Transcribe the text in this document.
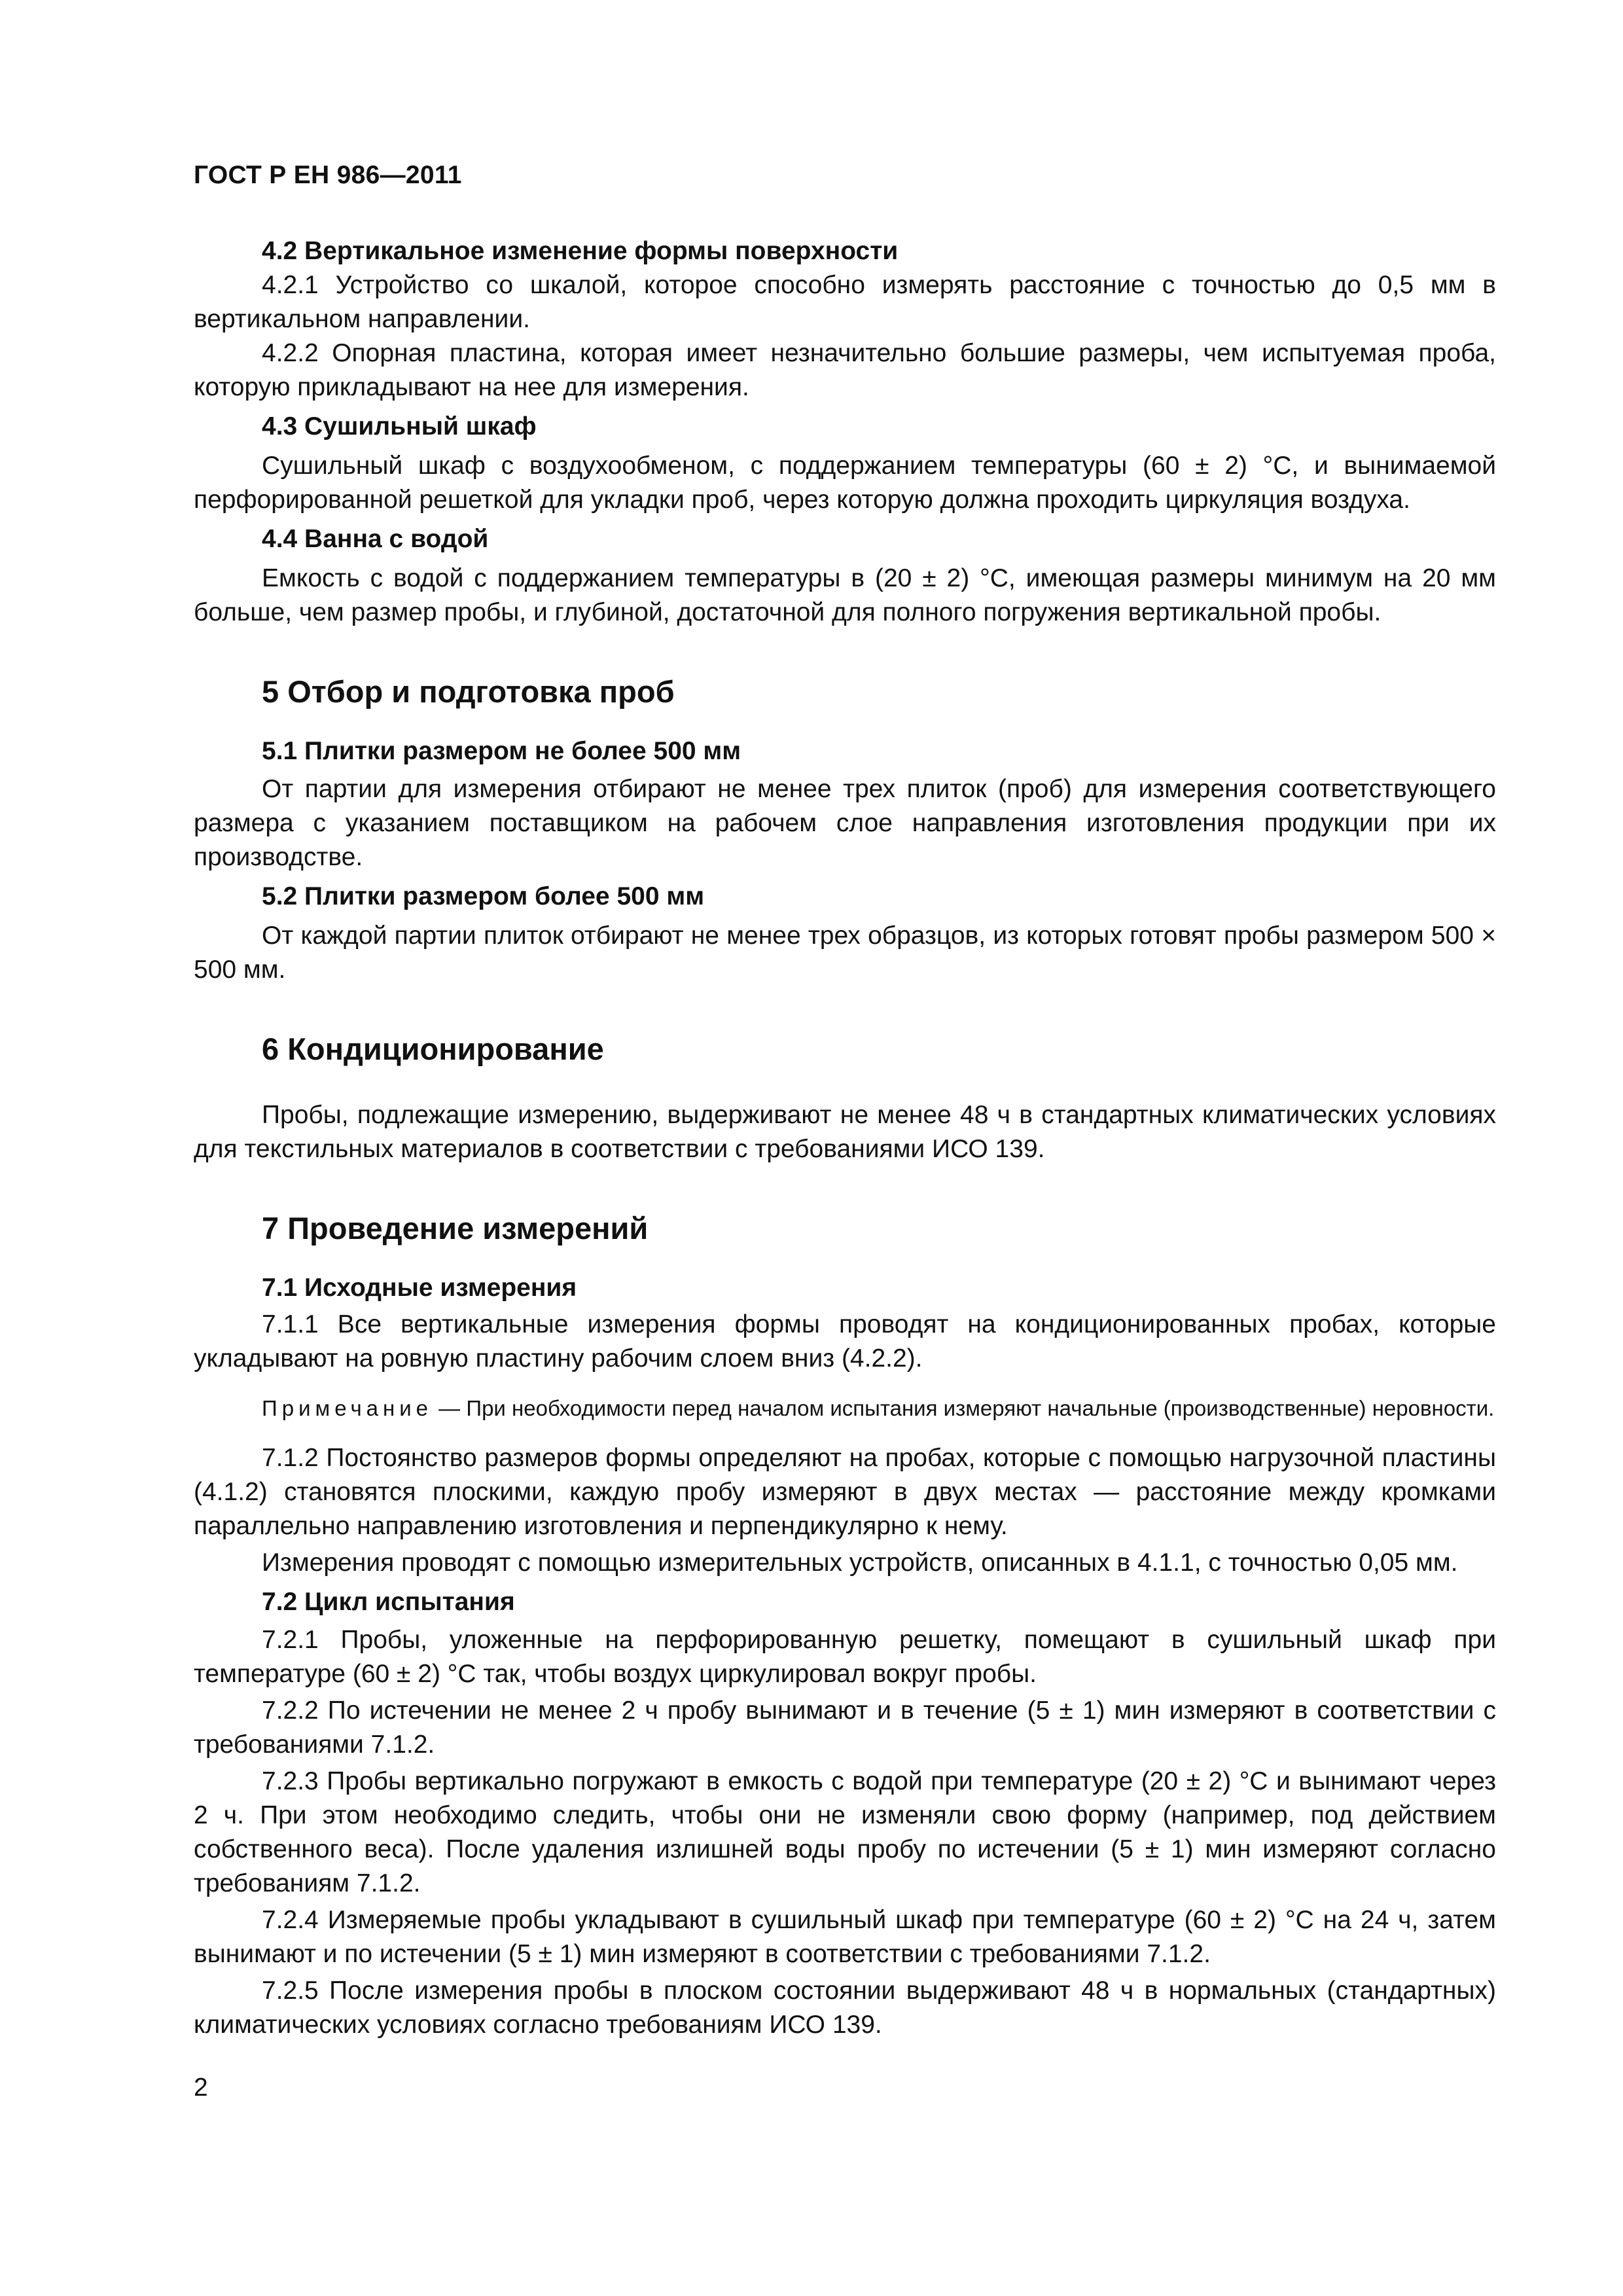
ГОСТ Р ЕН 986—2011

4.2 Вертикальное изменение формы поверхности

4.2.1 Устройство со шкалой, которое способно измерять расстояние с точностью до 0,5 мм в вертикальном направлении.

4.2.2 Опорная пластина, которая имеет незначительно большие размеры, чем испытуемая проба, которую прикладывают на нее для измерения.

4.3 Сушильный шкаф

Сушильный шкаф с воздухообменом, с поддержанием температуры (60 ± 2) °C, и вынимаемой перфорированной решеткой для укладки проб, через которую должна проходить циркуляция воздуха.

4.4 Ванна с водой

Емкость с водой с поддержанием температуры в (20 ± 2) °C, имеющая размеры минимум на 20 мм больше, чем размер пробы, и глубиной, достаточной для полного погружения вертикальной пробы.

5 Отбор и подготовка проб

5.1 Плитки размером не более 500 мм

От партии для измерения отбирают не менее трех плиток (проб) для измерения соответствующего размера с указанием поставщиком на рабочем слое направления изготовления продукции при их производстве.

5.2 Плитки размером более 500 мм

От каждой партии плиток отбирают не менее трех образцов, из которых готовят пробы размером 500 × 500 мм.

6 Кондиционирование

Пробы, подлежащие измерению, выдерживают не менее 48 ч в стандартных климатических условиях для текстильных материалов в соответствии с требованиями ИСО 139.

7 Проведение измерений

7.1 Исходные измерения

7.1.1 Все вертикальные измерения формы проводят на кондиционированных пробах, которые укладывают на ровную пластину рабочим слоем вниз (4.2.2).

Примечание — При необходимости перед началом испытания измеряют начальные (производственные) неровности.

7.1.2 Постоянство размеров формы определяют на пробах, которые с помощью нагрузочной пластины (4.1.2) становятся плоскими, каждую пробу измеряют в двух местах — расстояние между кромками параллельно направлению изготовления и перпендикулярно к нему.

Измерения проводят с помощью измерительных устройств, описанных в 4.1.1, с точностью 0,05 мм.

7.2 Цикл испытания

7.2.1 Пробы, уложенные на перфорированную решетку, помещают в сушильный шкаф при температуре (60 ± 2) °C так, чтобы воздух циркулировал вокруг пробы.

7.2.2 По истечении не менее 2 ч пробу вынимают и в течение (5 ± 1) мин измеряют в соответствии с требованиями 7.1.2.

7.2.3 Пробы вертикально погружают в емкость с водой при температуре (20 ± 2) °C и вынимают через 2 ч. При этом необходимо следить, чтобы они не изменяли свою форму (например, под действием собственного веса). После удаления излишней воды пробу по истечении (5 ± 1) мин измеряют согласно требованиям 7.1.2.

7.2.4 Измеряемые пробы укладывают в сушильный шкаф при температуре (60 ± 2) °C на 24 ч, затем вынимают и по истечении (5 ± 1) мин измеряют в соответствии с требованиями 7.1.2.

7.2.5 После измерения пробы в плоском состоянии выдерживают 48 ч в нормальных (стандартных) климатических условиях согласно требованиям ИСО 139.

2
